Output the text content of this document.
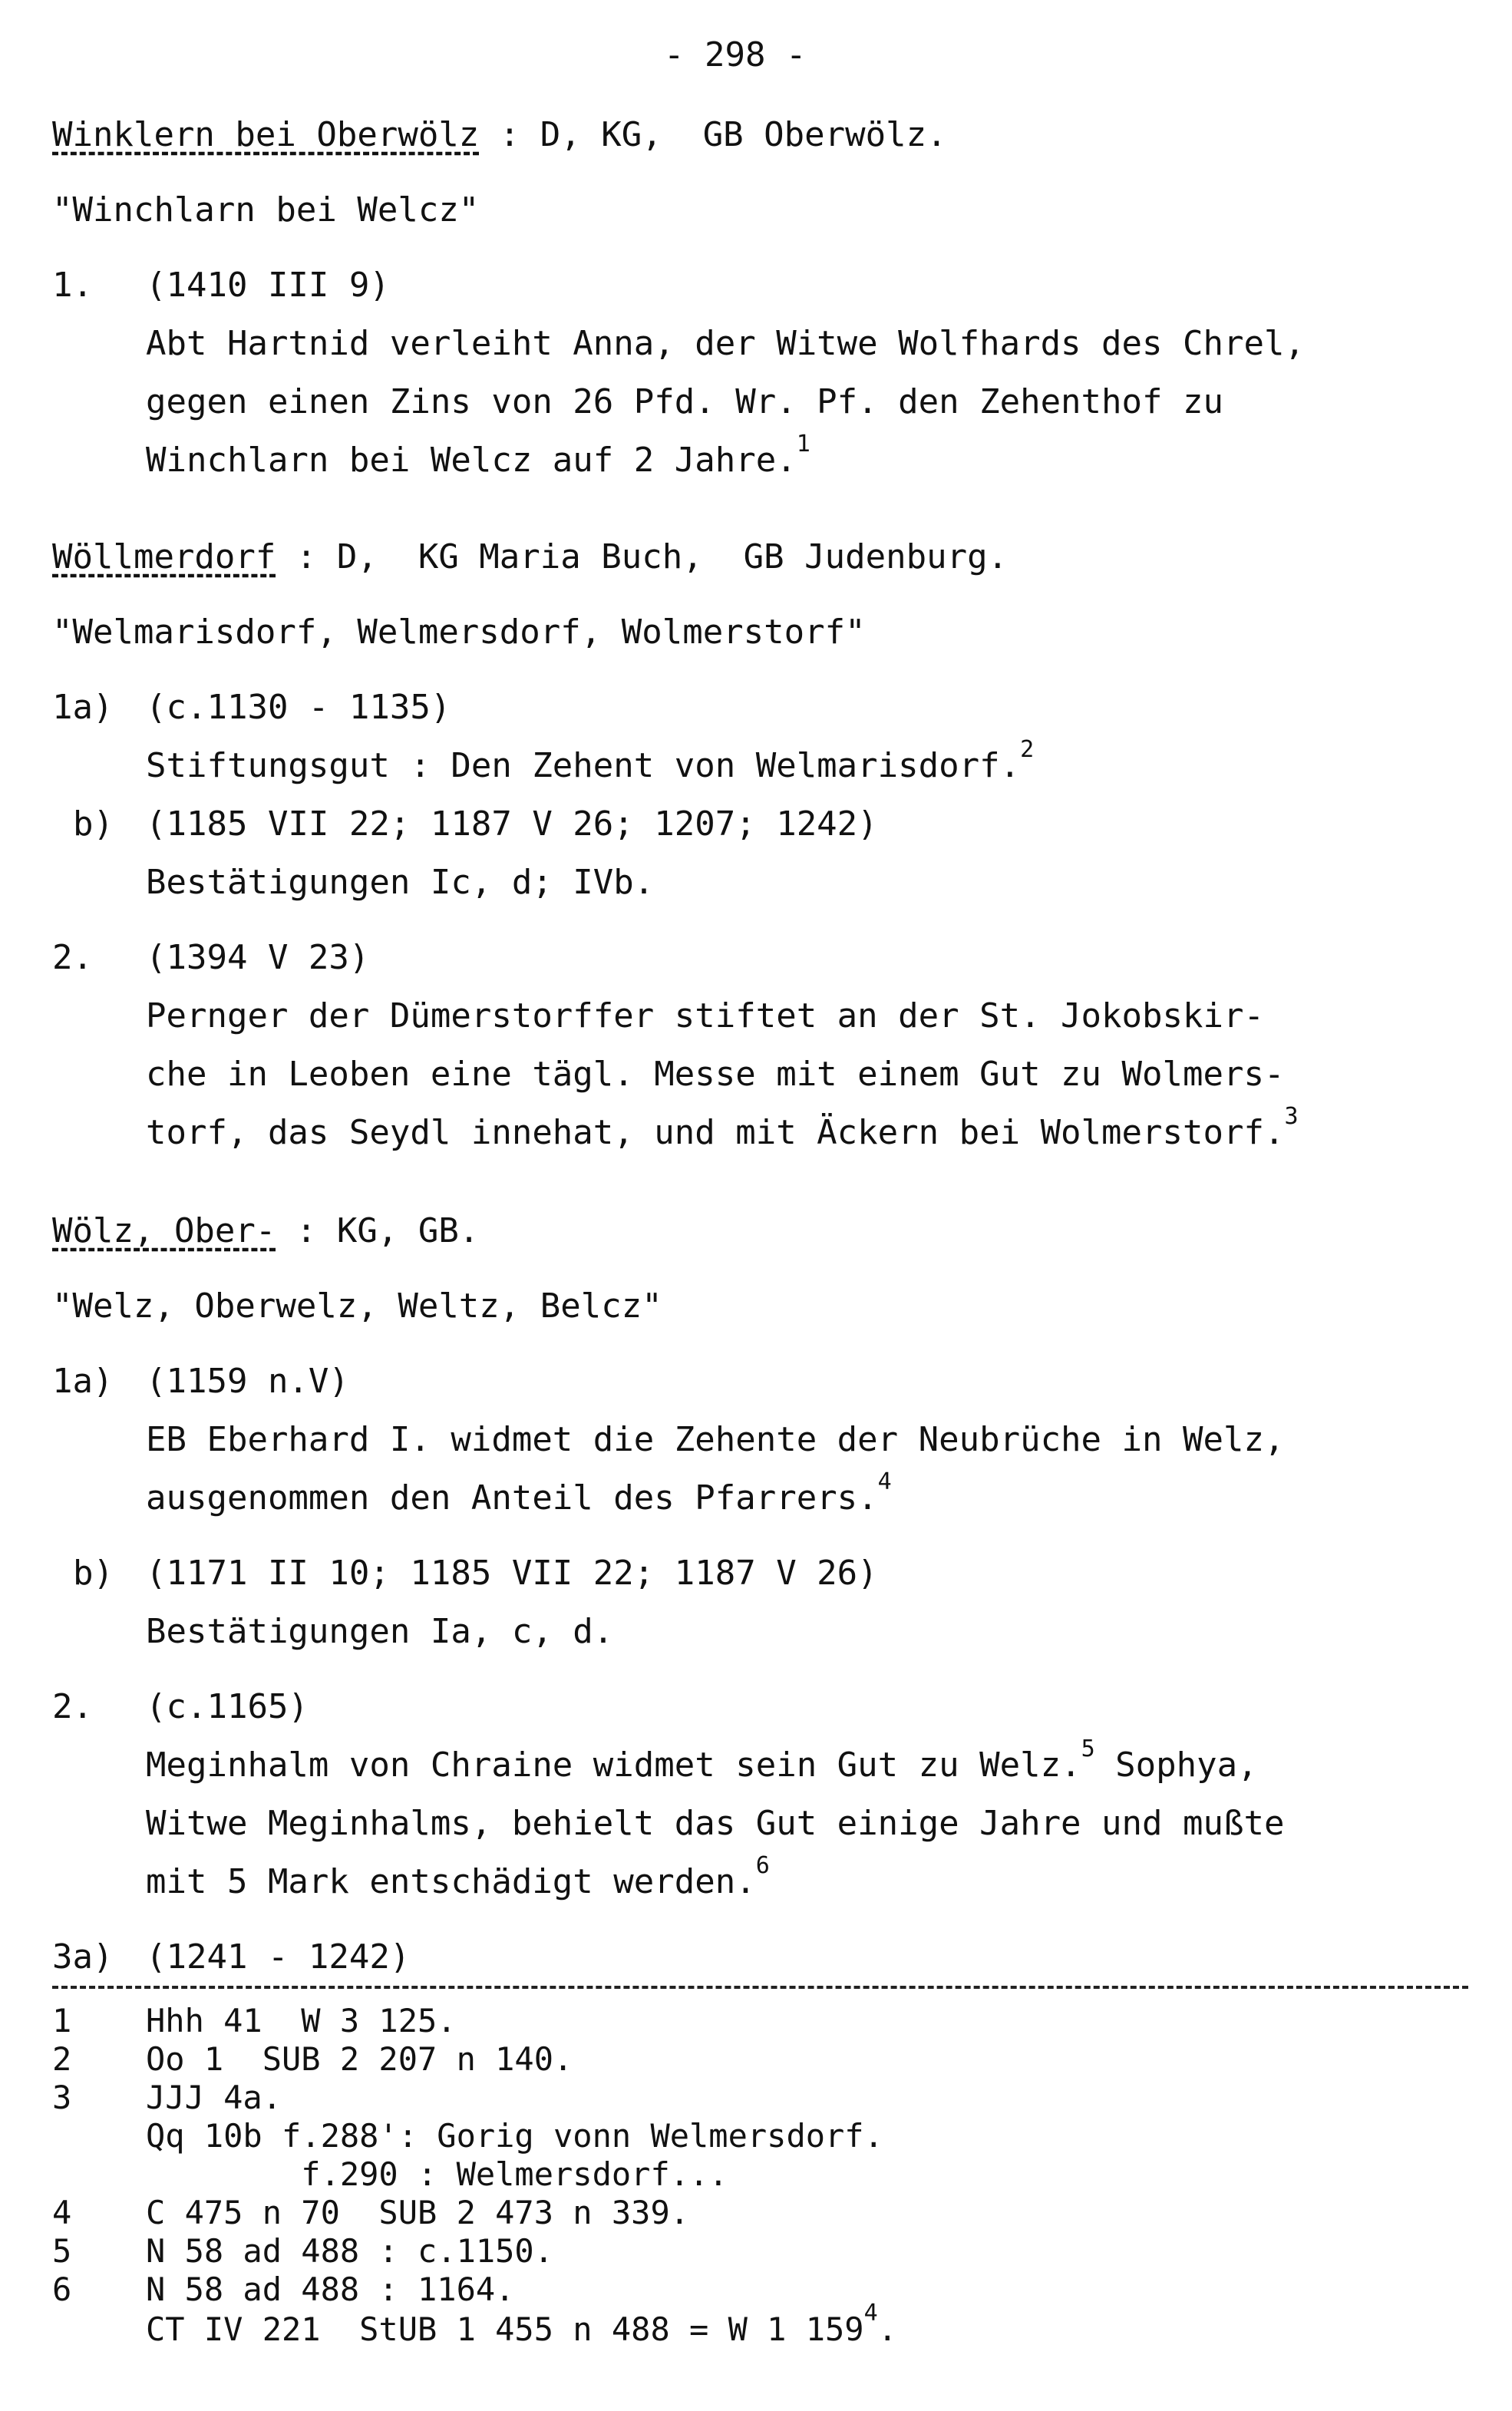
- 298 -
Winklern bei Oberwölz : D, KG,  GB Oberwölz.
"Winchlarn bei Welcz"
1. (1410 III 9)
Abt Hartnid verleiht Anna, der Witwe Wolfhards des Chrel,
gegen einen Zins von 26 Pfd. Wr. Pf. den Zehenthof zu
Winchlarn bei Welcz auf 2 Jahre.$^1$
Wöllmerdorf : D,  KG Maria Buch,  GB Judenburg.
"Welmarisdorf, Welmersdorf, Wolmerstorf"
1a) (c.1130 - 1135)
Stiftungsgut : Den Zehent von Welmarisdorf.$^2$
b) (1185 VII 22; 1187 V 26; 1207; 1242)
Bestätigungen Ic, d; IVb.
2. (1394 V 23)
Pernger der Dümerstorffer stiftet an der St. Jokobskir-
che in Leoben eine tägl. Messe mit einem Gut zu Wolmers-
torf, das Seydl innehat, und mit Äckern bei Wolmerstorf.$^3$
Wölz, Ober- : KG, GB.
"Welz, Oberwelz, Weltz, Belcz"
1a) (1159 n.V)
EB Eberhard I. widmet die Zehente der Neubrüche in Welz,
ausgenommen den Anteil des Pfarrers.$^4$
b) (1171 II 10; 1185 VII 22; 1187 V 26)
Bestätigungen Ia, c, d.
2. (c.1165)
Meginhalm von Chraine widmet sein Gut zu Welz.$^5$ Sophya,
Witwe Meginhalms, behielt das Gut einige Jahre und mußte
mit 5 Mark entschädigt werden.$^6$
3a) (1241 - 1242)
1 Hhh 41  W 3 125.
2 Oo 1  SUB 2 207 n 140.
3 JJJ 4a.
Qq 10b f.288': Gorig vonn Welmersdorf.
f.290 : Welmersdorf...
4 C 475 n 70  SUB 2 473 n 339.
5 N 58 ad 488 : c.1150.
6 N 58 ad 488 : 1164.
CT IV 221  StUB 1 455 n 488 = W 1 $159^4$.
